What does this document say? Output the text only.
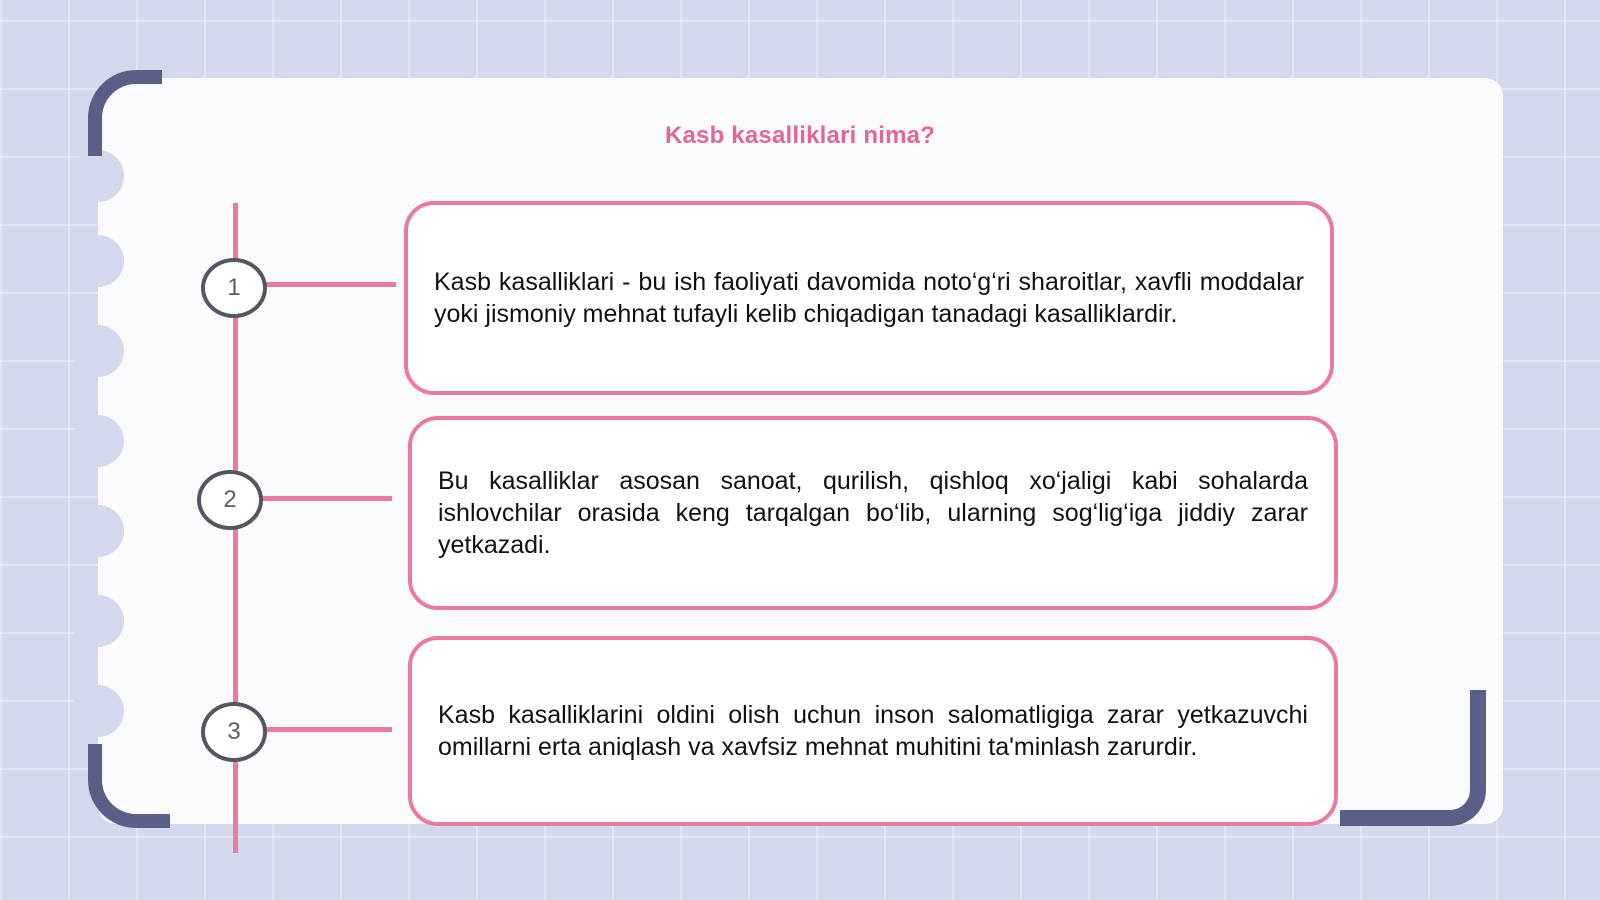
Kasb kasalliklari nima?
1
2
3
Kasb kasalliklari - bu ish faoliyati davomida noto‘g‘ri sharoitlar, xavfli moddalar yoki jismoniy mehnat tufayli kelib chiqadigan tanadagi kasalliklardir.
Bu kasalliklar asosan sanoat, qurilish, qishloq xo‘jaligi kabi sohalarda ishlovchilar orasida keng tarqalgan bo‘lib, ularning sog‘lig‘iga jiddiy zarar yetkazadi.
Kasb kasalliklarini oldini olish uchun inson salomatligiga zarar yetkazuvchi omillarni erta aniqlash va xavfsiz mehnat muhitini ta'minlash zarurdir.
